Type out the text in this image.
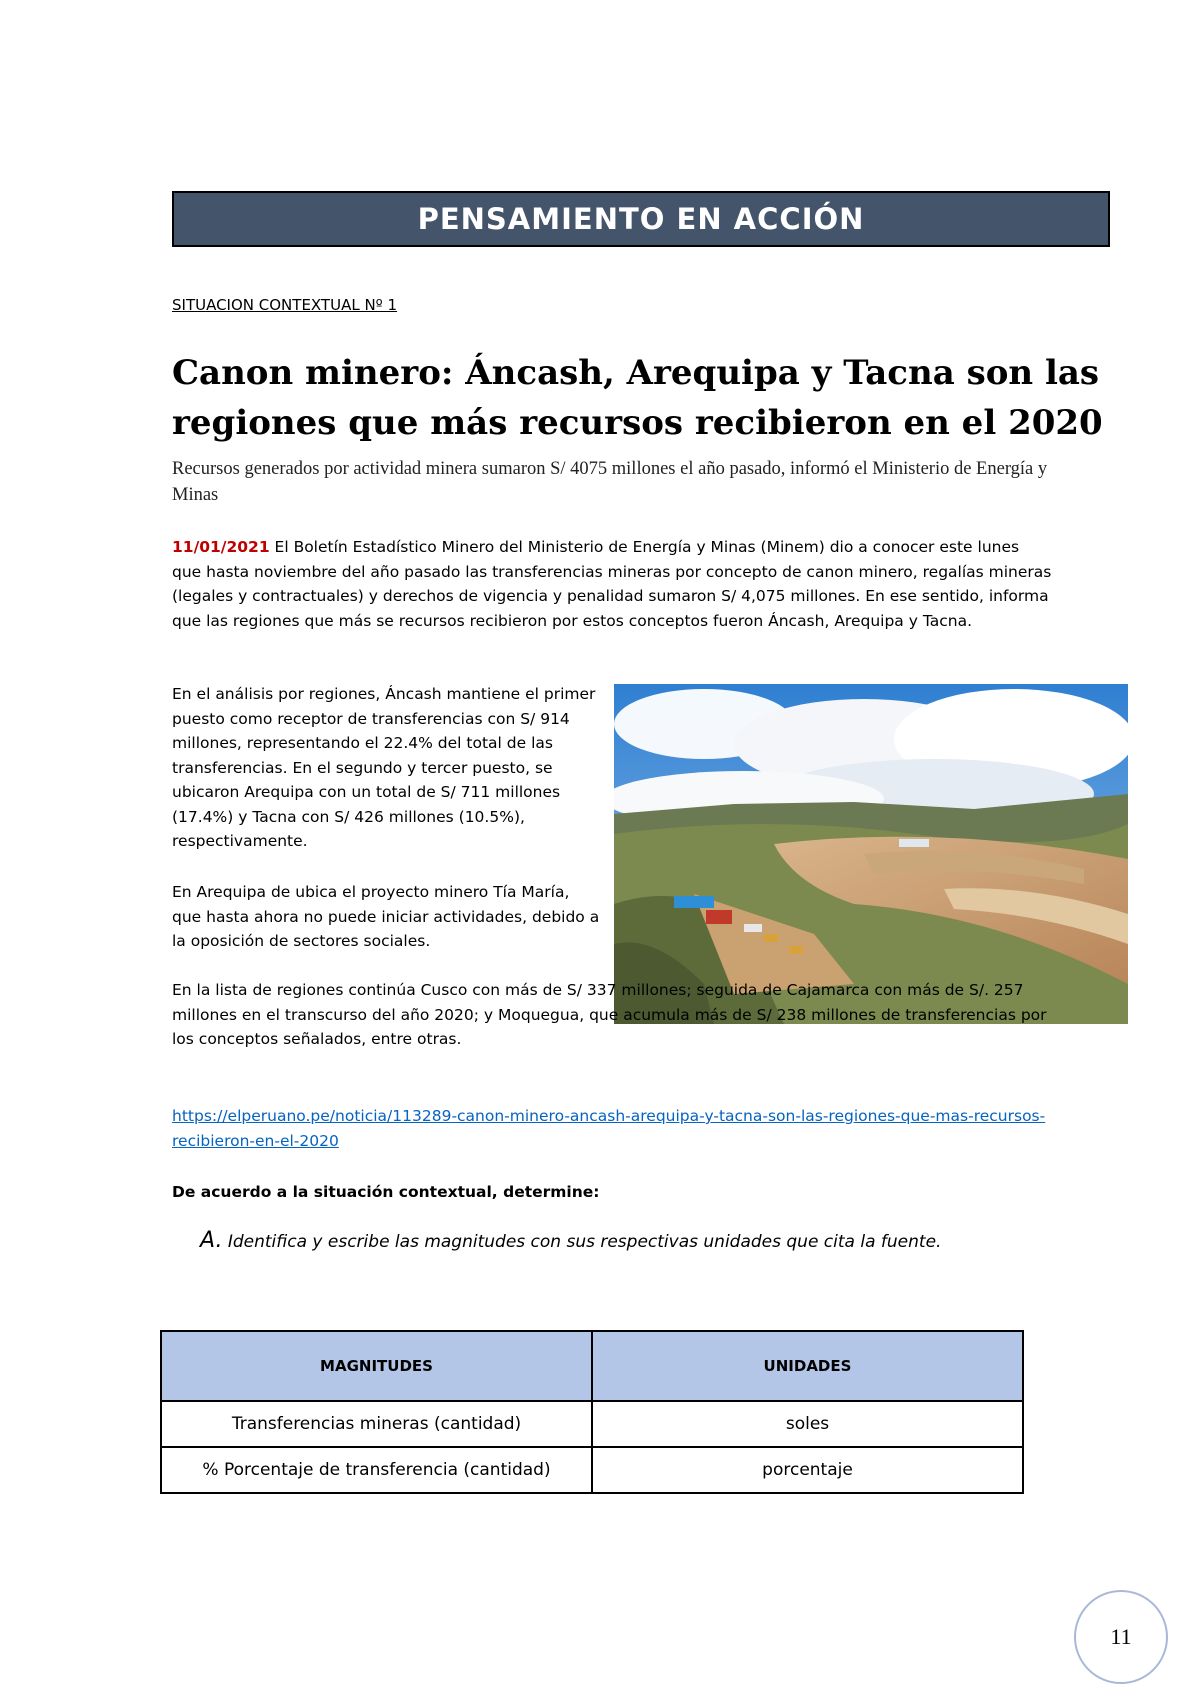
PENSAMIENTO EN ACCIÓN
SITUACION CONTEXTUAL Nº 1
Canon minero: Áncash, Arequipa y Tacna son las regiones que más recursos recibieron en el 2020
Recursos generados por actividad minera sumaron S/ 4075 millones el año pasado, informó el Ministerio de Energía y Minas
11/01/2021 El Boletín Estadístico Minero del Ministerio de Energía y Minas (Minem) dio a conocer este lunes que hasta noviembre del año pasado las transferencias mineras por concepto de canon minero, regalías mineras (legales y contractuales) y derechos de vigencia y penalidad sumaron S/ 4,075 millones. En ese sentido, informa que las regiones que más se recursos recibieron por estos conceptos fueron Áncash, Arequipa y Tacna.
En el análisis por regiones, Áncash mantiene el primer puesto como receptor de transferencias con S/ 914 millones, representando el 22.4% del total de las transferencias. En el segundo y tercer puesto, se ubicaron Arequipa con un total de S/ 711 millones (17.4%) y Tacna con S/ 426 millones (10.5%), respectivamente.
En Arequipa de ubica el proyecto minero Tía María, que hasta ahora no puede iniciar actividades, debido a la oposición de sectores sociales.
En la lista de regiones continúa Cusco con más de S/ 337 millones; seguida de Cajamarca con más de S/. 257 millones en el transcurso del año 2020; y Moquegua, que acumula más de S/ 238 millones de transferencias por los conceptos señalados, entre otras.
https://elperuano.pe/noticia/113289-canon-minero-ancash-arequipa-y-tacna-son-las-regiones-que-mas-recursos-recibieron-en-el-2020
De acuerdo a la situación contextual, determine:
A. Identifica y escribe las magnitudes con sus respectivas unidades que cita la fuente.
MAGNITUDES	UNIDADES
Transferencias mineras (cantidad)	soles
% Porcentaje de transferencia (cantidad)	porcentaje
11
